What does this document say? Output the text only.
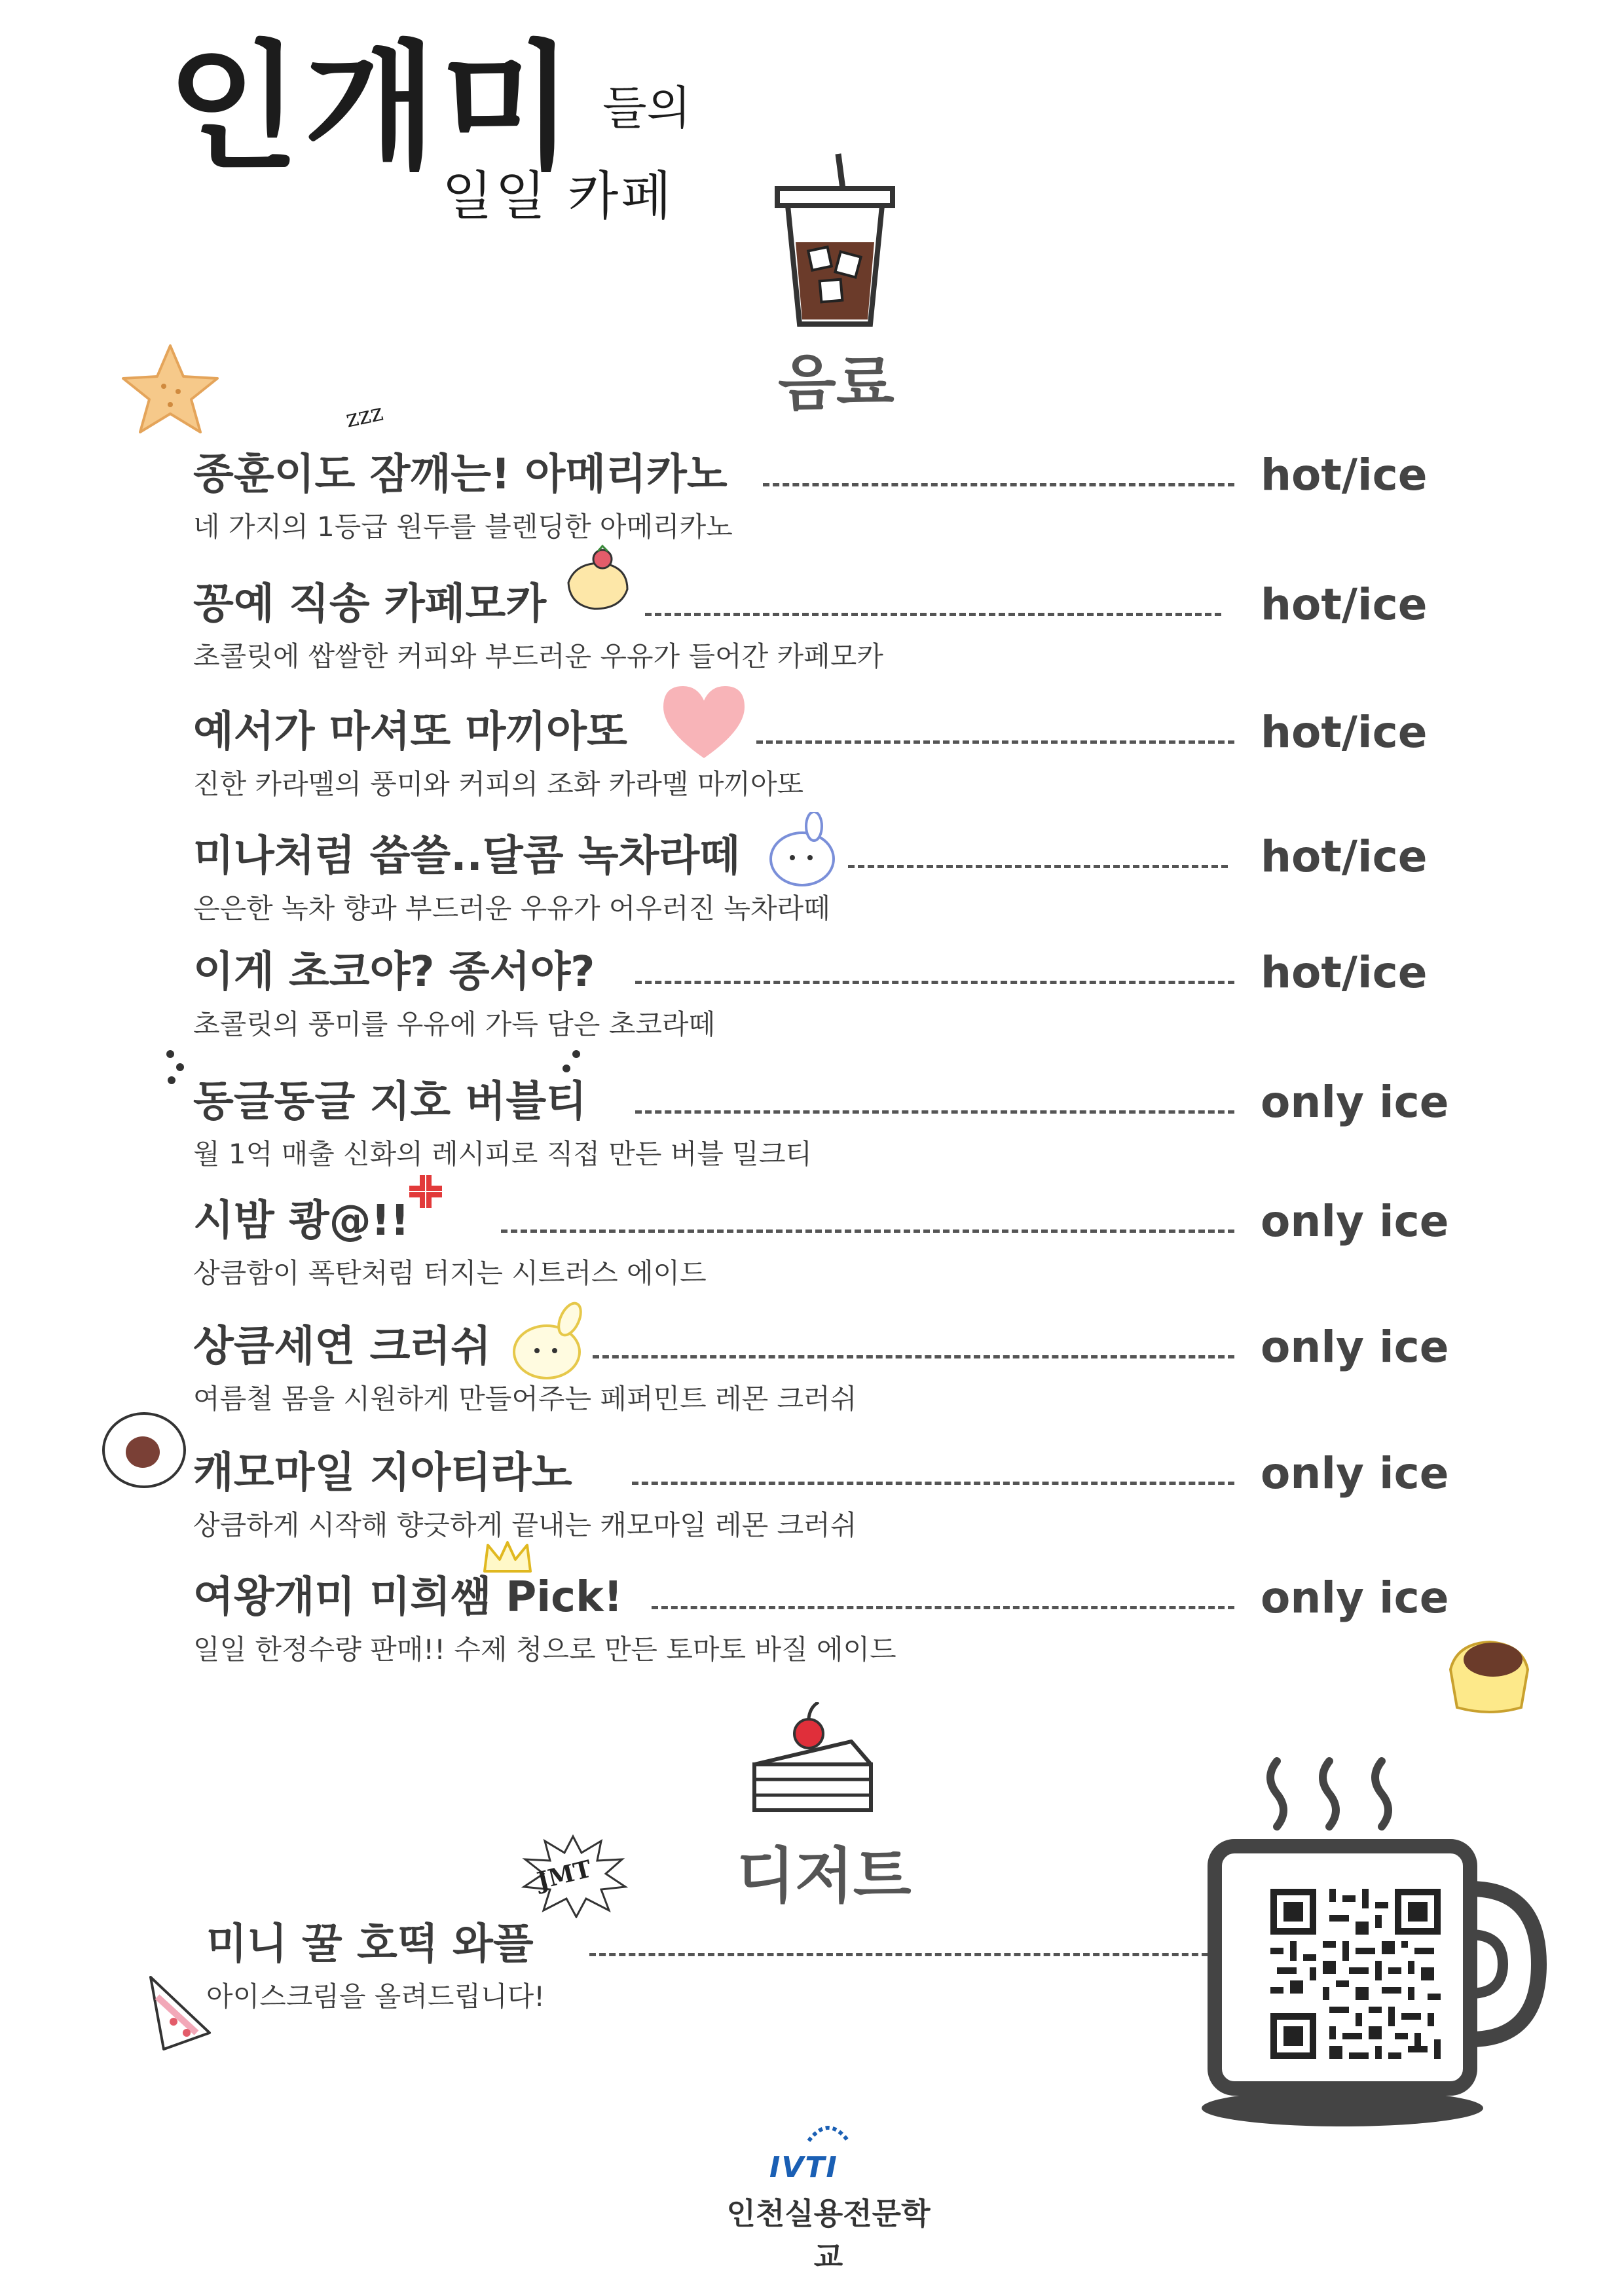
인개미 들의
일일 카페
음료
zzz
종훈이도 잠깨는! 아메리카노	hot/ice
네 가지의 1등급 원두를 블렌딩한 아메리카노
꽁예 직송 카페모카	hot/ice
초콜릿에 쌉쌀한 커피와 부드러운 우유가 들어간 카페모카
예서가 마셔또 마끼아또	hot/ice
진한 카라멜의 풍미와 커피의 조화 카라멜 마끼아또
미나처럼 씁쓸..달콤 녹차라떼	hot/ice
은은한 녹차 향과 부드러운 우유가 어우러진 녹차라떼
이게 초코야? 종서야?	hot/ice
초콜릿의 풍미를 우유에 가득 담은 초코라떼
동글동글 지호 버블티	only ice
월 1억 매출 신화의 레시피로 직접 만든 버블 밀크티
시밤 쾅@!!	only ice
상큼함이 폭탄처럼 터지는 시트러스 에이드
상큼세연 크러쉬	only ice
여름철 몸을 시원하게 만들어주는 페퍼민트 레몬 크러쉬
캐모마일 지아티라노	only ice
상큼하게 시작해 향긋하게 끝내는 캐모마일 레몬 크러쉬
여왕개미 미희쌤 Pick!	only ice
일일 한정수량 판매!! 수제 청으로 만든 토마토 바질 에이드
디저트
JMT
미니 꿀 호떡 와플
아이스크림을 올려드립니다!
IVTI
인천실용전문학교
